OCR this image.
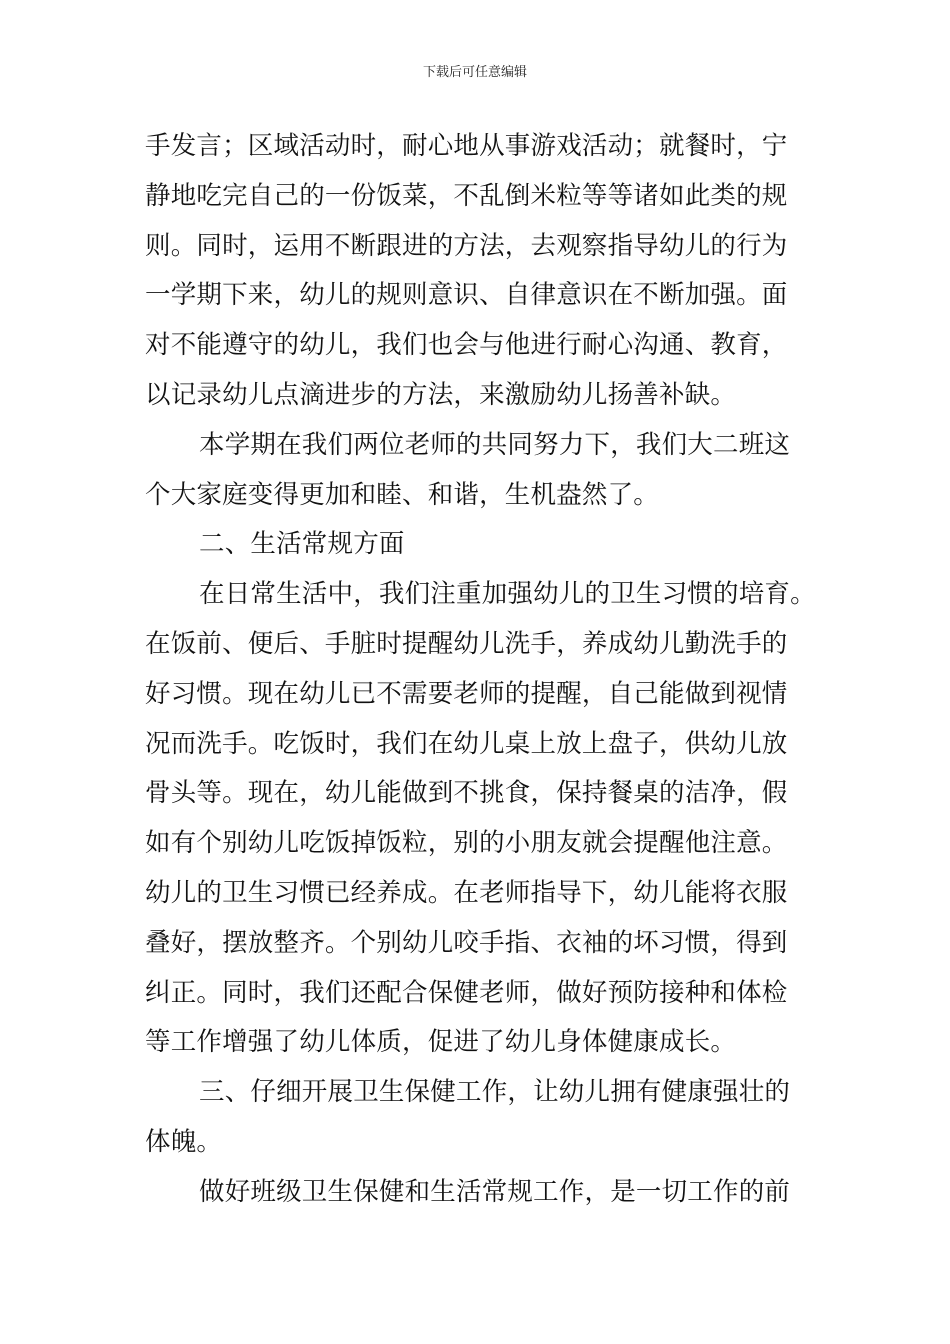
下载后可任意编辑
手发言；区域活动时，耐心地从事游戏活动；就餐时，宁
静地吃完自己的一份饭菜，不乱倒米粒等等诸如此类的规
则。同时，运用不断跟进的方法，去观察指导幼儿的行为
一学期下来，幼儿的规则意识、自律意识在不断加强。面
对不能遵守的幼儿，我们也会与他进行耐心沟通、教育，
以记录幼儿点滴进步的方法，来激励幼儿扬善补缺。
本学期在我们两位老师的共同努力下，我们大二班这
个大家庭变得更加和睦、和谐，生机盎然了。
二、生活常规方面
在日常生活中，我们注重加强幼儿的卫生习惯的培育。
在饭前、便后、手脏时提醒幼儿洗手，养成幼儿勤洗手的
好习惯。现在幼儿已不需要老师的提醒，自己能做到视情
况而洗手。吃饭时，我们在幼儿桌上放上盘子，供幼儿放
骨头等。现在，幼儿能做到不挑食，保持餐桌的洁净，假
如有个别幼儿吃饭掉饭粒，别的小朋友就会提醒他注意。
幼儿的卫生习惯已经养成。在老师指导下，幼儿能将衣服
叠好，摆放整齐。个别幼儿咬手指、衣袖的坏习惯，得到
纠正。同时，我们还配合保健老师，做好预防接种和体检
等工作增强了幼儿体质，促进了幼儿身体健康成长。
三、仔细开展卫生保健工作，让幼儿拥有健康强壮的
体魄。
做好班级卫生保健和生活常规工作，是一切工作的前
